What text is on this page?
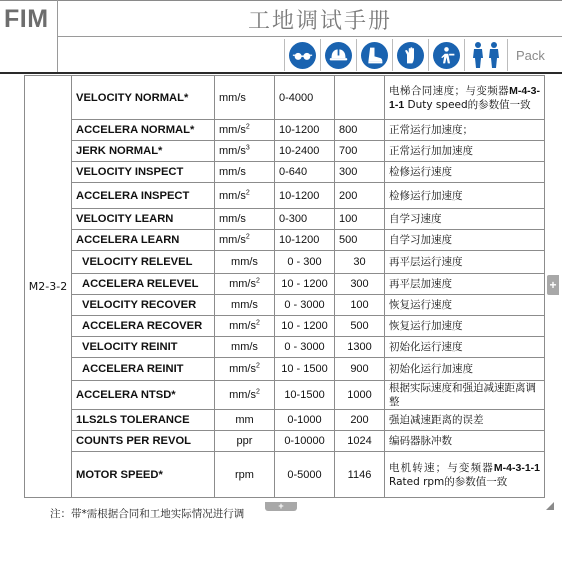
FIM	工地调试手册
Pack
M2-3-2	VELOCITY NORMAL*	mm/s	0-4000		电梯合同速度；与变频器M-4-3-1-1 Duty speed的参数值一致
	ACCELERA NORMAL*	$mm/s^2$	10-1200	800	正常运行加速度；
	JERK NORMAL*	$mm/s^3$	10-2400	700	正常运行加加速度
	VELOCITY INSPECT	mm/s	0-640	300	检修运行速度
	ACCELERA INSPECT	$mm/s^2$	10-1200	200	检修运行加速度
	VELOCITY LEARN	mm/s	0-300	100	自学习速度
	ACCELERA LEARN	$mm/s^2$	10-1200	500	自学习加速度
	VELOCITY RELEVEL	mm/s	0 - 300	30	再平层运行速度
	ACCELERA RELEVEL	$mm/s^2$	10 - 1200	300	再平层加速度
	VELOCITY RECOVER	mm/s	0 - 3000	100	恢复运行速度
	ACCELERA RECOVER	$mm/s^2$	10 - 1200	500	恢复运行加速度
	VELOCITY REINIT	mm/s	0 - 3000	1300	初始化运行速度
	ACCELERA REINIT	$mm/s^2$	10 - 1500	900	初始化运行加速度
	ACCELERA NTSD*	$mm/s^2$	10-1500	1000	根据实际速度和强迫减速距离调整
	1LS2LS TOLERANCE	mm	0-1000	200	强迫减速距离的误差
	COUNTS PER REVOL	ppr	0-10000	1024	编码器脉冲数
	MOTOR SPEED*	rpm	0-5000	1146	电机转速；与变频器M-4-3-1-1 Rated rpm的参数值一致
+
+
注：带*需根据合同和工地实际情况进行调
